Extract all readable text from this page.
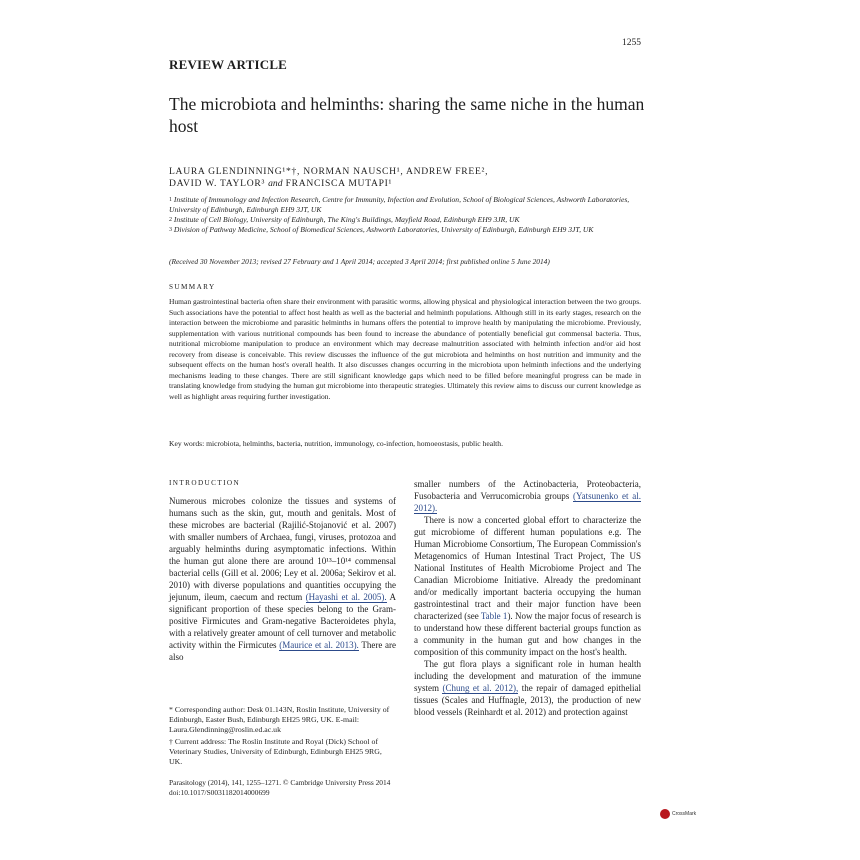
1255
REVIEW ARTICLE
The microbiota and helminths: sharing the same niche in the human host
LAURA GLENDINNING¹*†, NORMAN NAUSCH¹, ANDREW FREE²,
DAVID W. TAYLOR³ and FRANCISCA MUTAPI¹
$^1$ Institute of Immunology and Infection Research, Centre for Immunity, Infection and Evolution, School of Biological Sciences, Ashworth Laboratories, University of Edinburgh, Edinburgh EH9 3JT, UK
$^2$ Institute of Cell Biology, University of Edinburgh, The King's Buildings, Mayfield Road, Edinburgh EH9 3JR, UK
$^3$ Division of Pathway Medicine, School of Biomedical Sciences, Ashworth Laboratories, University of Edinburgh, Edinburgh EH9 3JT, UK
(Received 30 November 2013; revised 27 February and 1 April 2014; accepted 3 April 2014; first published online 5 June 2014)
SUMMARY
Human gastrointestinal bacteria often share their environment with parasitic worms, allowing physical and physiological interaction between the two groups. Such associations have the potential to affect host health as well as the bacterial and helminth populations. Although still in its early stages, research on the interaction between the microbiome and parasitic helminths in humans offers the potential to improve health by manipulating the microbiome. Previously, supplementation with various nutritional compounds has been found to increase the abundance of potentially beneficial gut commensal bacteria. Thus, nutritional microbiome manipulation to produce an environment which may decrease malnutrition associated with helminth infection and/or aid host recovery from disease is conceivable. This review discusses the influence of the gut microbiota and helminths on host nutrition and immunity and the subsequent effects on the human host's overall health. It also discusses changes occurring in the microbiota upon helminth infections and the underlying mechanisms leading to these changes. There are still significant knowledge gaps which need to be filled before meaningful progress can be made in translating knowledge from studying the human gut microbiome into therapeutic strategies. Ultimately this review aims to discuss our current knowledge as well as highlight areas requiring further investigation.
Key words: microbiota, helminths, bacteria, nutrition, immunology, co-infection, homoeostasis, public health.
INTRODUCTION

Numerous microbes colonize the tissues and systems of humans such as the skin, gut, mouth and genitals. Most of these microbes are bacterial (Rajilić-Stojanović et al. 2007) with smaller numbers of Archaea, fungi, viruses, protozoa and arguably helminths during asymptomatic infections. Within the human gut alone there are around 10¹³–10¹⁴ commensal bacterial cells (Gill et al. 2006; Ley et al. 2006a; Sekirov et al. 2010) with diverse populations and quantities occupying the jejunum, ileum, caecum and rectum (Hayashi et al. 2005). A significant proportion of these species belong to the Gram-positive Firmicutes and Gram-negative Bacteroidetes phyla, with a relatively greater amount of cell turnover and metabolic activity within the Firmicutes (Maurice et al. 2013). There are also

* Corresponding author: Desk 01.143N, Roslin Institute, University of Edinburgh, Easter Bush, Edinburgh EH25 9RG, UK. E-mail: Laura.Glendinning@roslin.ed.ac.uk

† Current address: The Roslin Institute and Royal (Dick) School of Veterinary Studies, University of Edinburgh, Edinburgh EH25 9RG, UK.

smaller numbers of the Actinobacteria, Proteobacteria, Fusobacteria and Verrucomicrobia groups (Yatsunenko et al. 2012).

There is now a concerted global effort to characterize the gut microbiome of different human populations e.g. The Human Microbiome Consortium, The European Commission's Metagenomics of Human Intestinal Tract Project, The US National Institutes of Health Microbiome Project and The Canadian Microbiome Initiative. Already the predominant and/or medically important bacteria occupying the human gastrointestinal tract and their major function have been characterized (see Table 1). Now the major focus of research is to understand how these different bacterial groups function as a community in the human gut and how changes in the composition of this community impact on the host's health.

The gut flora plays a significant role in human health including the development and maturation of the immune system (Chung et al. 2012), the repair of damaged epithelial tissues (Scales and Huffnagle, 2013), the production of new blood vessels (Reinhardt et al. 2012) and protection against

Parasitology (2014), 141, 1255–1271. © Cambridge University Press 2014
doi:10.1017/S0031182014000699
CrossMark
